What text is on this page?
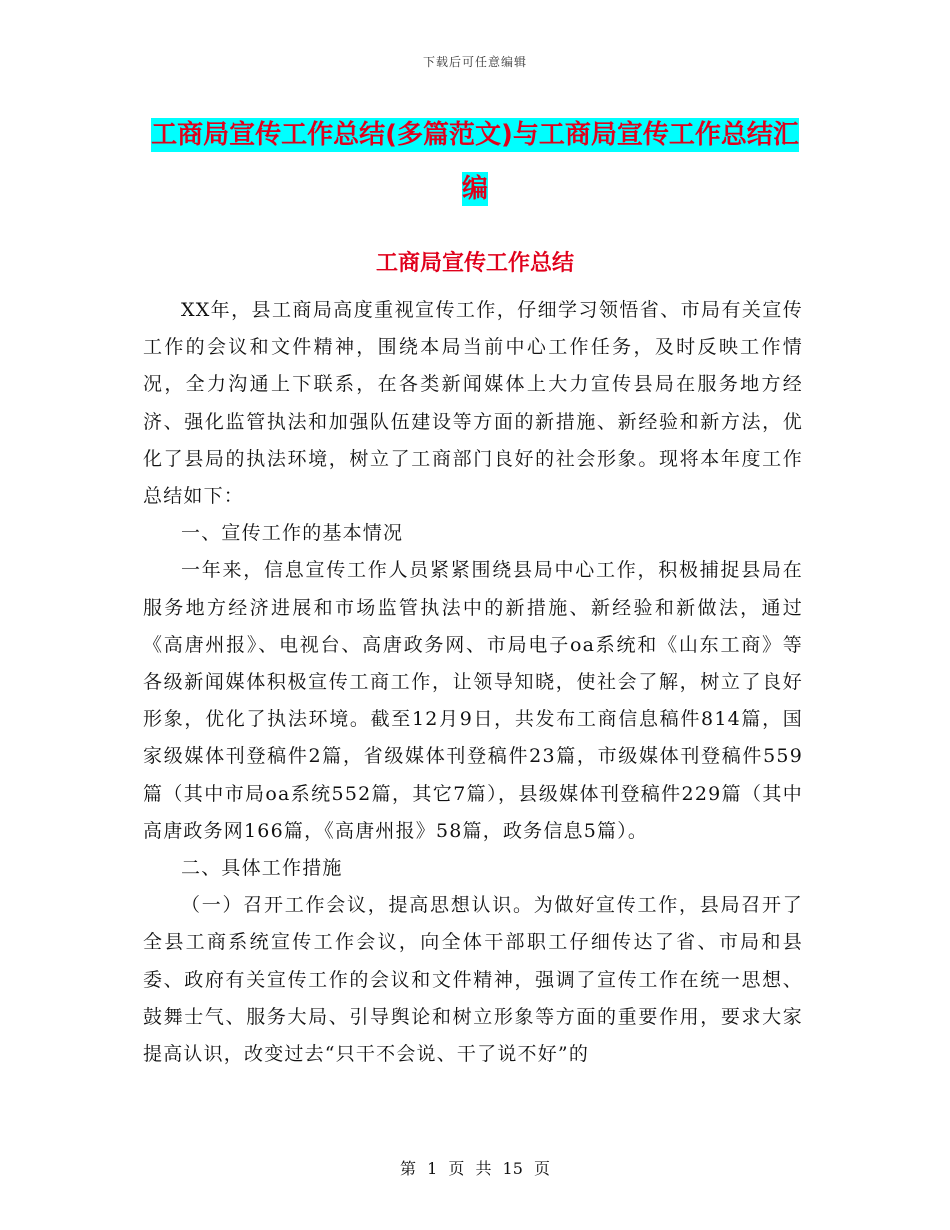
下载后可任意编辑
工商局宣传工作总结(多篇范文)与工商局宣传工作总结汇编
工商局宣传工作总结

XX年，县工商局高度重视宣传工作，仔细学习领悟省、市局有关宣传工作的会议和文件精神，围绕本局当前中心工作任务，及时反映工作情况，全力沟通上下联系，在各类新闻媒体上大力宣传县局在服务地方经济、强化监管执法和加强队伍建设等方面的新措施、新经验和新方法，优化了县局的执法环境，树立了工商部门良好的社会形象。现将本年度工作总结如下：

一、宣传工作的基本情况

一年来，信息宣传工作人员紧紧围绕县局中心工作，积极捕捉县局在服务地方经济进展和市场监管执法中的新措施、新经验和新做法，通过《高唐州报》、电视台、高唐政务网、市局电子oa系统和《山东工商》等各级新闻媒体积极宣传工商工作，让领导知晓，使社会了解，树立了良好形象，优化了执法环境。截至12月9日，共发布工商信息稿件814篇，国家级媒体刊登稿件2篇，省级媒体刊登稿件23篇，市级媒体刊登稿件559篇（其中市局oa系统552篇，其它7篇），县级媒体刊登稿件229篇（其中高唐政务网166篇，《高唐州报》58篇，政务信息5篇）。

二、具体工作措施

（一）召开工作会议，提高思想认识。为做好宣传工作，县局召开了全县工商系统宣传工作会议，向全体干部职工仔细传达了省、市局和县委、政府有关宣传工作的会议和文件精神，强调了宣传工作在统一思想、鼓舞士气、服务大局、引导舆论和树立形象等方面的重要作用，要求大家提高认识，改变过去“只干不会说、干了说不好”的

第 1 页 共 15 页
